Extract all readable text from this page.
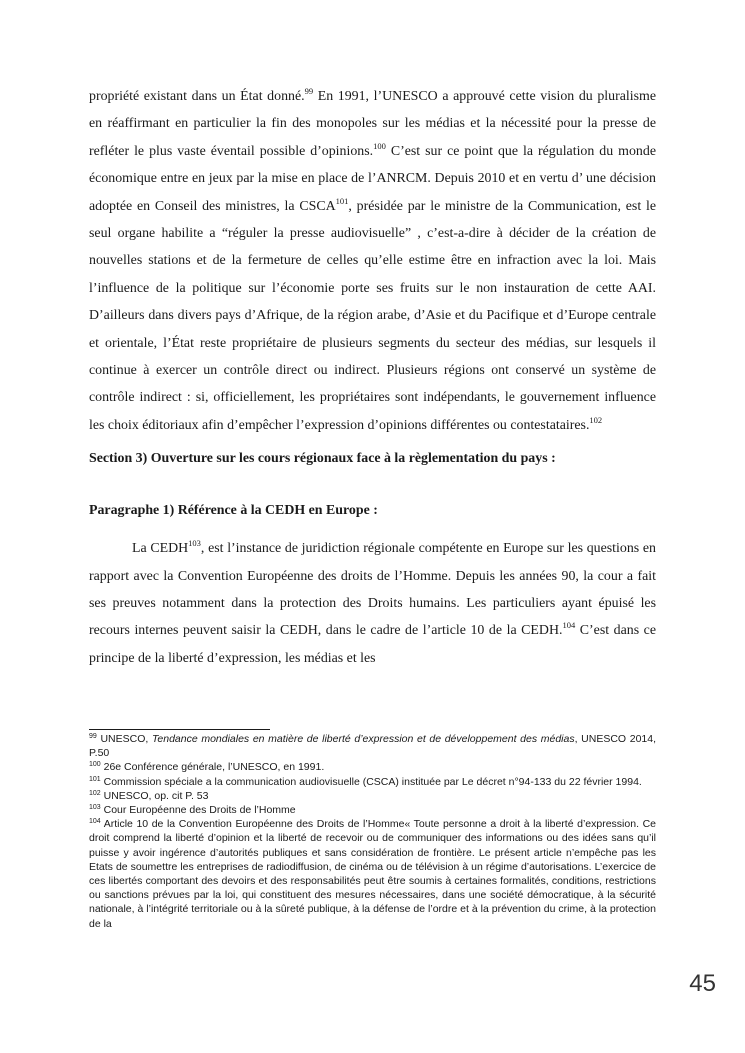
propriété existant dans un État donné.$^{99}$ En 1991, l’UNESCO a approuvé cette vision du pluralisme en réaffirmant en particulier la fin des monopoles sur les médias et la nécessité pour la presse de refléter le plus vaste éventail possible d’opinions.$^{100}$ C’est sur ce point que la régulation du monde économique entre en jeux par la mise en place de l’ANRCM. Depuis 2010 et en vertu d’ une décision adoptée en Conseil des ministres, la CSCA$^{101}$, présidée par le ministre de la Communication, est le seul organe habilite a “réguler la presse audiovisuelle” , c’est-a-dire à décider de la création de nouvelles stations et de la fermeture de celles qu’elle estime être en infraction avec la loi. Mais l’influence de la politique sur l’économie porte ses fruits sur le non instauration de cette AAI. D’ailleurs dans divers pays d’Afrique, de la région arabe, d’Asie et du Pacifique et d’Europe centrale et orientale, l’État reste propriétaire de plusieurs segments du secteur des médias, sur lesquels il continue à exercer un contrôle direct ou indirect. Plusieurs régions ont conservé un système de contrôle indirect : si, officiellement, les propriétaires sont indépendants, le gouvernement influence les choix éditoriaux afin d’empêcher l’expression d’opinions différentes ou contestataires.$^{102}$

Section 3) Ouverture sur les cours régionaux face à la règlementation du pays :

Paragraphe 1) Référence à la CEDH en Europe :

La CEDH$^{103}$, est l’instance de juridiction régionale compétente en Europe sur les questions en rapport avec la Convention Européenne des droits de l’Homme. Depuis les années 90, la cour a fait ses preuves notamment dans la protection des Droits humains. Les particuliers ayant épuisé les recours internes peuvent saisir la CEDH, dans le cadre de l’article 10 de la CEDH.$^{104}$ C’est dans ce principe de la liberté d’expression, les médias et les

$^{99}$ UNESCO, Tendance mondiales en matière de liberté d’expression et de développement des médias, UNESCO 2014, P.50

$^{100}$ 26e Conférence générale, l’UNESCO, en 1991.

$^{101}$ Commission spéciale a la communication audiovisuelle (CSCA) instituée par Le décret n°94-133 du 22 février 1994.

$^{102}$ UNESCO, op. cit P. 53

$^{103}$ Cour Européenne des Droits de l’Homme

$^{104}$ Article 10 de la Convention Européenne des Droits de l’Homme« Toute personne a droit à la liberté d’expression. Ce droit comprend la liberté d’opinion et la liberté de recevoir ou de communiquer des informations ou des idées sans qu’il puisse y avoir ingérence d’autorités publiques et sans considération de frontière. Le présent article n’empêche pas les Etats de soumettre les entreprises de radiodiffusion, de cinéma ou de télévision à un régime d’autorisations. L’exercice de ces libertés comportant des devoirs et des responsabilités peut être soumis à certaines formalités, conditions, restrictions ou sanctions prévues par la loi, qui constituent des mesures nécessaires, dans une société démocratique, à la sécurité nationale, à l’intégrité territoriale ou à la sûreté publique, à la défense de l’ordre et à la prévention du crime, à la protection de la

45
